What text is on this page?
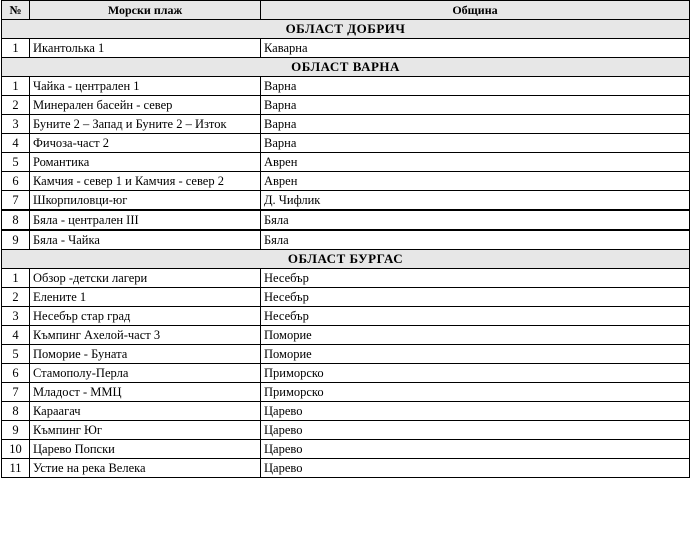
№	Морски плаж	Община
ОБЛАСТ ДОБРИЧ		
1	Икантолька 1	Каварна
ОБЛАСТ ВАРНА		
1	Чайка - централен 1	Варна
2	Минерален басейн - север	Варна
3	Буните 2 – Запад и Буните 2 – Изток	Варна
4	Фичоза-част 2	Варна
5	Романтика	Аврен
6	Камчия - север 1 и Камчия - север 2	Аврен
7	Шкорпиловци-юг	Д. Чифлик
8	Бяла - централен III	Бяла
9	Бяла - Чайка	Бяла
ОБЛАСТ БУРГАС		
1	Обзор -детски лагери	Несебър
2	Елените 1	Несебър
3	Несебър стар град	Несебър
4	Къмпинг Ахелой-част 3	Поморие
5	Поморие - Буната	Поморие
6	Стамополу-Перла	Приморско
7	Младост - ММЦ	Приморско
8	Караагач	Царево
9	Къмпинг Юг	Царево
10	Царево Попски	Царево
11	Устие на река Велека	Царево
